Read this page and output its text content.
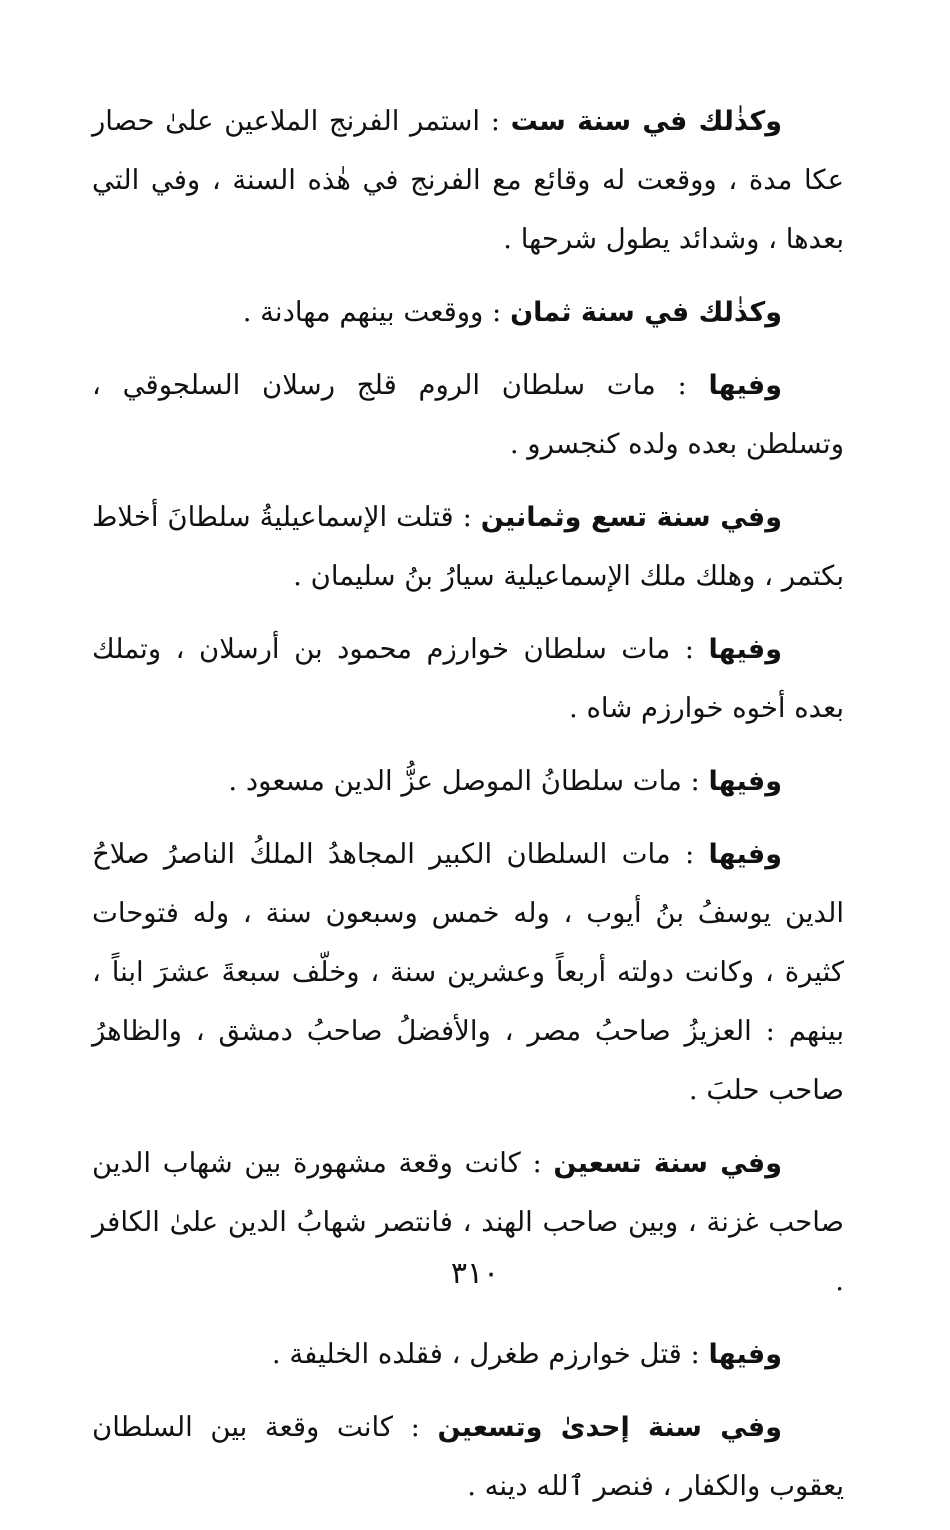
وكذٰلك في سنة ست : استمر الفرنج الملاعين علىٰ حصار عكا مدة ، ووقعت له وقائع مع الفرنج في هٰذه السنة ، وفي التي بعدها ، وشدائد يطول شرحها .

وكذٰلك في سنة ثمان : ووقعت بينهم مهادنة .

وفيها : مات سلطان الروم قلج رسلان السلجوقي ، وتسلطن بعده ولده كنجسرو .

وفي سنة تسع وثمانين : قتلت الإسماعيليةُ سلطانَ أخلاط بكتمر ، وهلك ملك الإسماعيلية سيارُ بنُ سليمان .

وفيها : مات سلطان خوارزم محمود بن أرسلان ، وتملك بعده أخوه خوارزم شاه .

وفيها : مات سلطانُ الموصل عزُّ الدين مسعود .

وفيها : مات السلطان الكبير المجاهدُ الملكُ الناصرُ صلاحُ الدين يوسفُ بنُ أيوب ، وله خمس وسبعون سنة ، وله فتوحات كثيرة ، وكانت دولته أربعاً وعشرين سنة ، وخلّف سبعةَ عشرَ ابناً ، بينهم : العزيزُ صاحبُ مصر ، والأفضلُ صاحبُ دمشق ، والظاهرُ صاحب حلبَ .

وفي سنة تسعين : كانت وقعة مشهورة بين شهاب الدين صاحب غزنة ، وبين صاحب الهند ، فانتصر شهابُ الدين علىٰ الكافر .

وفيها : قتل خوارزم طغرل ، فقلده الخليفة .

وفي سنة إحدىٰ وتسعين : كانت وقعة بين السلطان يعقوب والكفار ، فنصر ٱلله دينه .

٣١٠
